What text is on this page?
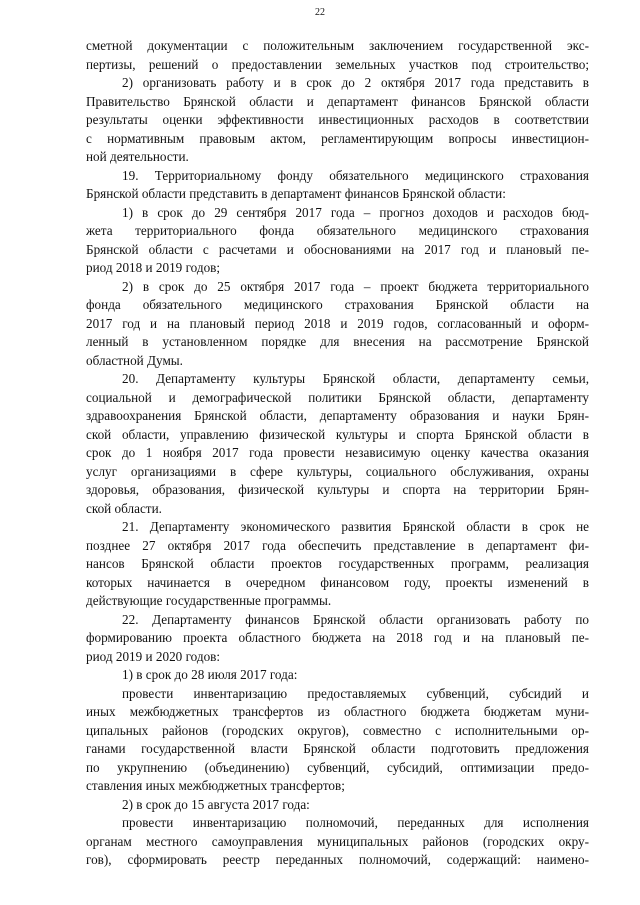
22
сметной документации с положительным заключением государственной экс-
пертизы, решений о предоставлении земельных участков под строительство;
2) организовать работу и в срок до 2 октября 2017 года представить в
Правительство Брянской области и департамент финансов Брянской области
результаты оценки эффективности инвестиционных расходов в соответствии
с нормативным правовым актом, регламентирующим вопросы инвестицион-
ной деятельности.
19. Территориальному фонду обязательного медицинского страхования
Брянской области представить в департамент финансов Брянской области:
1) в срок до 29 сентября 2017 года – прогноз доходов и расходов бюд-
жета территориального фонда обязательного медицинского страхования
Брянской области с расчетами и обоснованиями на 2017 год и плановый пе-
риод 2018 и 2019 годов;
2) в срок до 25 октября 2017 года – проект бюджета территориального
фонда обязательного медицинского страхования Брянской области на
2017 год и на плановый период 2018 и 2019 годов, согласованный и оформ-
ленный в установленном порядке для внесения на рассмотрение Брянской
областной Думы.
20. Департаменту культуры Брянской области, департаменту семьи,
социальной и демографической политики Брянской области, департаменту
здравоохранения Брянской области, департаменту образования и науки Брян-
ской области, управлению физической культуры и спорта Брянской области в
срок до 1 ноября 2017 года провести независимую оценку качества оказания
услуг организациями в сфере культуры, социального обслуживания, охраны
здоровья, образования, физической культуры и спорта на территории Брян-
ской области.
21. Департаменту экономического развития Брянской области в срок не
позднее 27 октября 2017 года обеспечить представление в департамент фи-
нансов Брянской области проектов государственных программ, реализация
которых начинается в очередном финансовом году, проекты изменений в
действующие государственные программы.
22. Департаменту финансов Брянской области организовать работу по
формированию проекта областного бюджета на 2018 год и на плановый пе-
риод 2019 и 2020 годов:
1) в срок до 28 июля 2017 года:
провести инвентаризацию предоставляемых субвенций, субсидий и
иных межбюджетных трансфертов из областного бюджета бюджетам муни-
ципальных районов (городских округов), совместно с исполнительными ор-
ганами государственной власти Брянской области подготовить предложения
по укрупнению (объединению) субвенций, субсидий, оптимизации предо-
ставления иных межбюджетных трансфертов;
2) в срок до 15 августа 2017 года:
провести инвентаризацию полномочий, переданных для исполнения
органам местного самоуправления муниципальных районов (городских окру-
гов), сформировать реестр переданных полномочий, содержащий: наимено-
